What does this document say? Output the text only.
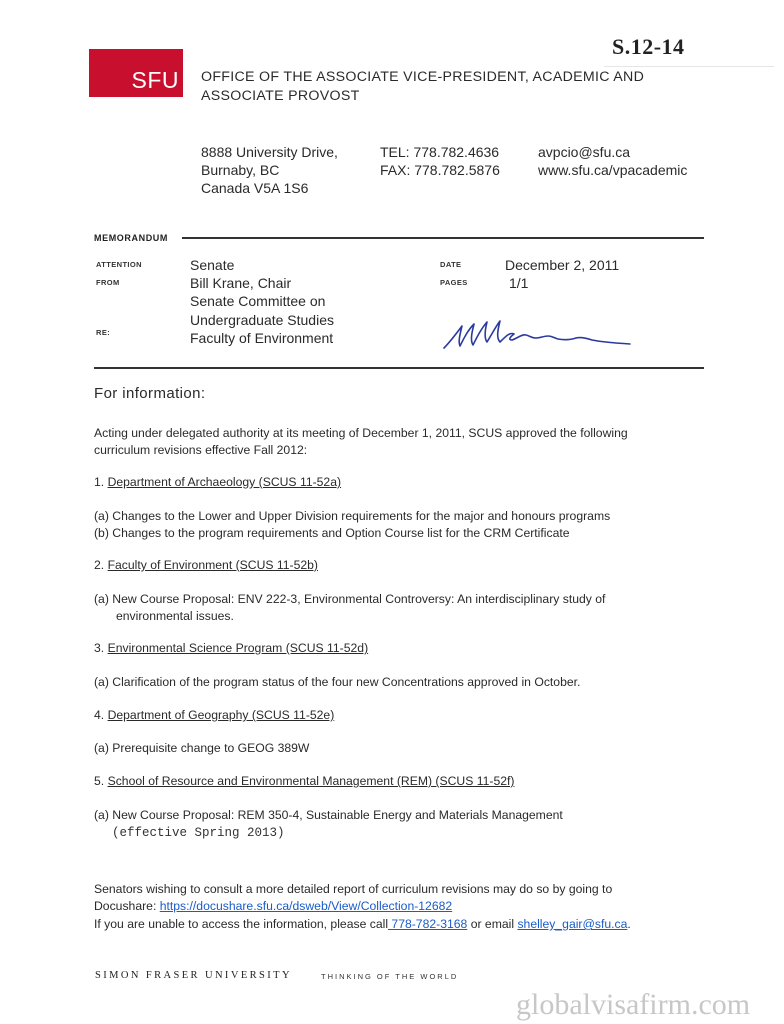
S.12-14
SFU OFFICE OF THE ASSOCIATE VICE-PRESIDENT, ACADEMIC AND ASSOCIATE PROVOST
8888 University Drive,
Burnaby, BC
Canada V5A 1S6
TEL: 778.782.4636
FAX: 778.782.5876
avpcio@sfu.ca
www.sfu.ca/vpacademic
MEMORANDUM
ATTENTION	Senate
FROM	Bill Krane, Chair
Senate Committee on
Undergraduate Studies
RE:	Faculty of Environment
DATE	December 2, 2011
PAGES	1/1
For information:
Acting under delegated authority at its meeting of December 1, 2011, SCUS approved the following
curriculum revisions effective Fall 2012:
1. Department of Archaeology (SCUS 11-52a)
(a) Changes to the Lower and Upper Division requirements for the major and honours programs
(b) Changes to the program requirements and Option Course list for the CRM Certificate
2. Faculty of Environment (SCUS 11-52b)
(a) New Course Proposal: ENV 222-3, Environmental Controversy: An interdisciplinary study of
environmental issues.
3. Environmental Science Program (SCUS 11-52d)
(a) Clarification of the program status of the four new Concentrations approved in October.
4. Department of Geography (SCUS 11-52e)
(a) Prerequisite change to GEOG 389W
5. School of Resource and Environmental Management (REM) (SCUS 11-52f)
(a) New Course Proposal: REM 350-4, Sustainable Energy and Materials Management
(effective Spring 2013)
Senators wishing to consult a more detailed report of curriculum revisions may do so by going to
Docushare: https://docushare.sfu.ca/dsweb/View/Collection-12682
If you are unable to access the information, please call 778-782-3168 or email shelley_gair@sfu.ca.
SIMON FRASER UNIVERSITY	THINKING OF THE WORLD
globalvisafirm.com
